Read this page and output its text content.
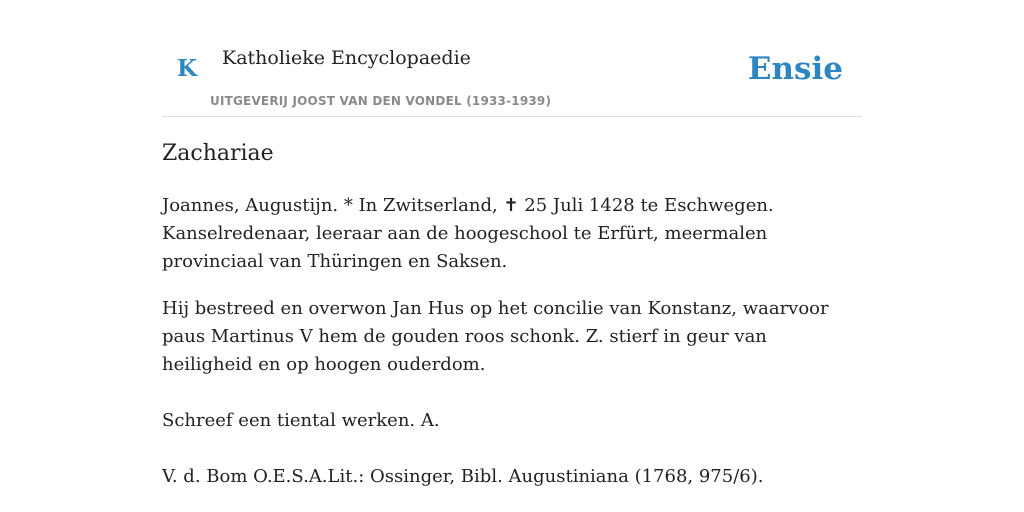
K Katholieke Encyclopaedie
UITGEVERIJ JOOST VAN DEN VONDEL (1933-1939)
Ensie
Zachariae

Joannes, Augustijn. * In Zwitserland, ✝ 25 Juli 1428 te Eschwegen. Kanselredenaar, leeraar aan de hoogeschool te Erfürt, meermalen provinciaal van Thüringen en Saksen.

Hij bestreed en overwon Jan Hus op het concilie van Konstanz, waarvoor paus Martinus V hem de gouden roos schonk. Z. stierf in geur van heiligheid en op hoogen ouderdom.

Schreef een tiental werken. A.

V. d. Bom O.E.S.A.Lit.: Ossinger, Bibl. Augustiniana (1768, 975/6).
